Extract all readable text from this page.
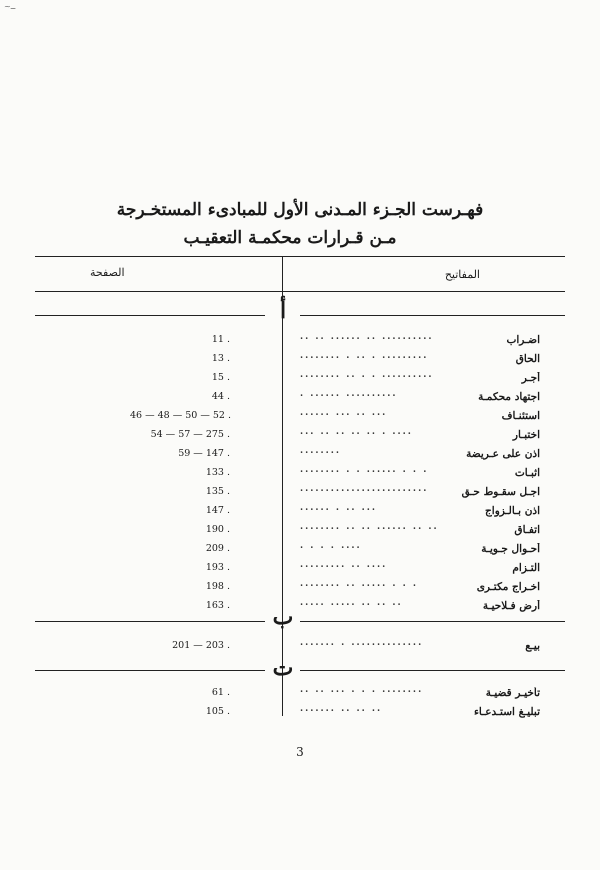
~ــ
فهـرست الجـزء المـدنى الأول للمبادىء المستخـرجة
مـن قـرارات محكمـة التعقيـب
المفاتيح
الصفحة
أ
ب
ت
اضـراب
.......... .. ...... .. ..
11 .
الحاق
......... . .. . ........
13 .
أجـر
.......... . . .. ........
15 .
اجتهاد محكمـة
.......... ...... .
44 .
استئنـاف
... .. ... ......
46 — 48 — 50 — 52 .
اختبـار
.... . .. .. .. .. ...
54 — 57 — 275 .
اذن على عـريضة
........
59 — 147 .
اثبـات
. . . ...... . . ........
133 .
اجـل سقـوط حـق
.........................
135 .
اذن بـالـزواج
... .. . ......
147 .
اتفـاق
.. .. ...... .. .. ........
190 .
أحـوال جـويـة
.... . . . .
209 .
التـزام
.... .. .........
193 .
اخـراج مكتـرى
. . . ..... .. ........
198 .
أرض فـلاحيـة
.. .. .. ..... .....
163 .
بيـع
.............. . .......
201 — 203 .
تأخيـر قضيـة
........ . . . ... .. ..
61 .
تبليـغ استـدعـاء
.. .. .. .......
105 .
3
